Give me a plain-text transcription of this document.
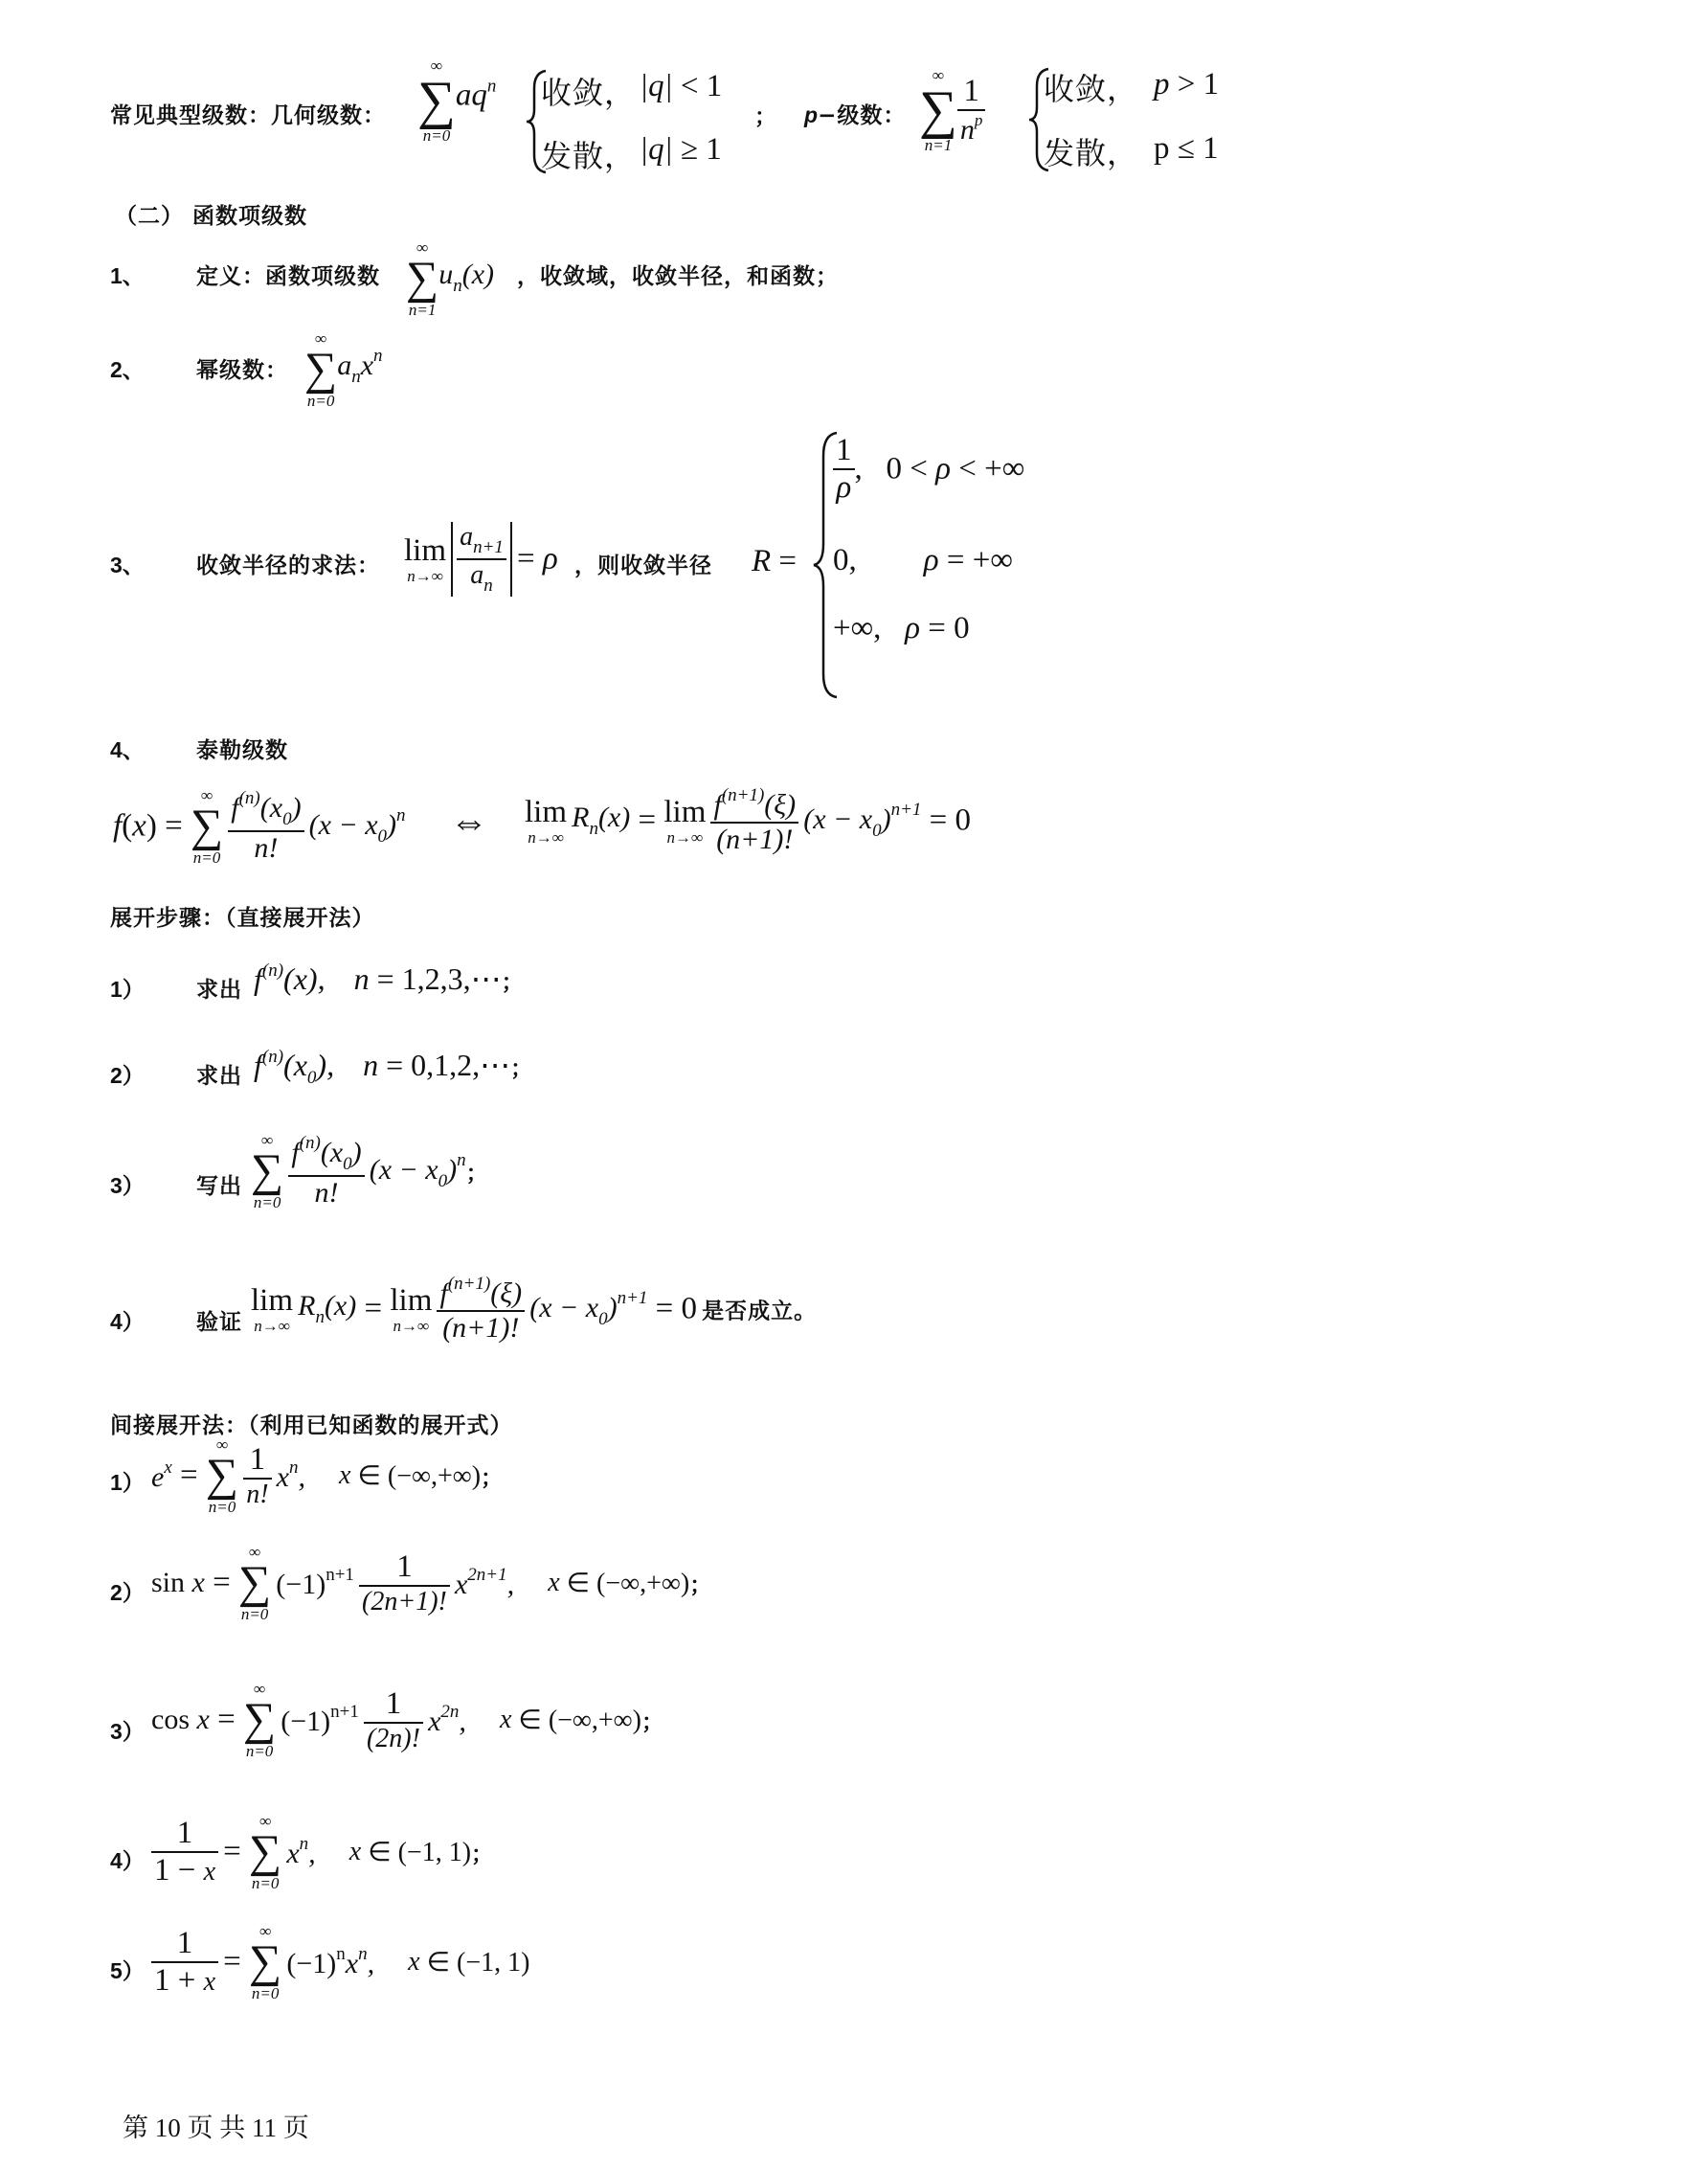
常见典型级数：几何级数：
∞
∑
n=0
aqn 收敛， |q| < 1
发散， |q| ≥ 1
； p−级数：
∞
∑
$n=1 \frac{1}{n^p}$ 收敛， p > 1
发散， p ≤ 1
（二） 函数项级数
1、 定义：函数项级数
∞
∑
n=1
$u_n(x)$ ，收敛域，收敛半径，和函数；
2、 幂级数：
∞
∑
n=0
$a_nx^n$
3、 收敛半径的求法： lim
n→∞
$\frac{a_{n+1}}{a_n} = \rho$ ，则收敛半径 R =
$\frac{1}{\rho}$ ,   0 < ρ < +∞
0, ρ = +∞
+∞,   ρ = 0
4、 泰勒级数
f(x) =
∞
∑
n=0
$\frac{f^{(n)}(x_0)}{n!} (x - x_0)^n$ ⇔ lim
n→∞
$R_n(x) = \lim$
n→∞
$\frac{f^{(n+1)}(\xi)}{(n+1)!} (x - x_0)^{n+1} = 0$
展开步骤：（直接展开法）
1） 求出 $f^{(n)}(x)$, n = 1,2,3,⋯；
2） 求出 $f^{(n)}(x_0)$, n = 0,1,2,⋯；
3） 写出
∞
∑
n=0
$\frac{f^{(n)}(x_0)}{n!} (x - x_0)^n$；
4） 验证
lim
n→∞
$R_n(x) = \lim$
n→∞
$\frac{f^{(n+1)}(\xi)}{(n+1)!} (x - x_0)^{n+1} = 0$ 是否成立。
间接展开法：（利用已知函数的展开式）
1） $e^x$ =
∞
∑
n=0
$\frac{1}{n!} x^n$, x ∈ (−∞,+∞)；
2） sin x =
∞
∑
n=0
$(-1)^{n+1} \frac{1}{(2n+1)!} x^{2n+1}$, x ∈ (−∞,+∞)；
3） cos x =
∞
∑
n=0
$(-1)^{n+1} \frac{1}{(2n)!} x^{2n}$, x ∈ (−∞,+∞)；
$4) \frac{1}{1 - x}$ =
∞
∑
n=0
$x^n$, x ∈ (−1, 1)；
$5) \frac{1}{1 + x}$ =
∞
∑
n=0
$(-1)^nx^n$, x ∈ (−1, 1)
第 10 页 共 11 页
